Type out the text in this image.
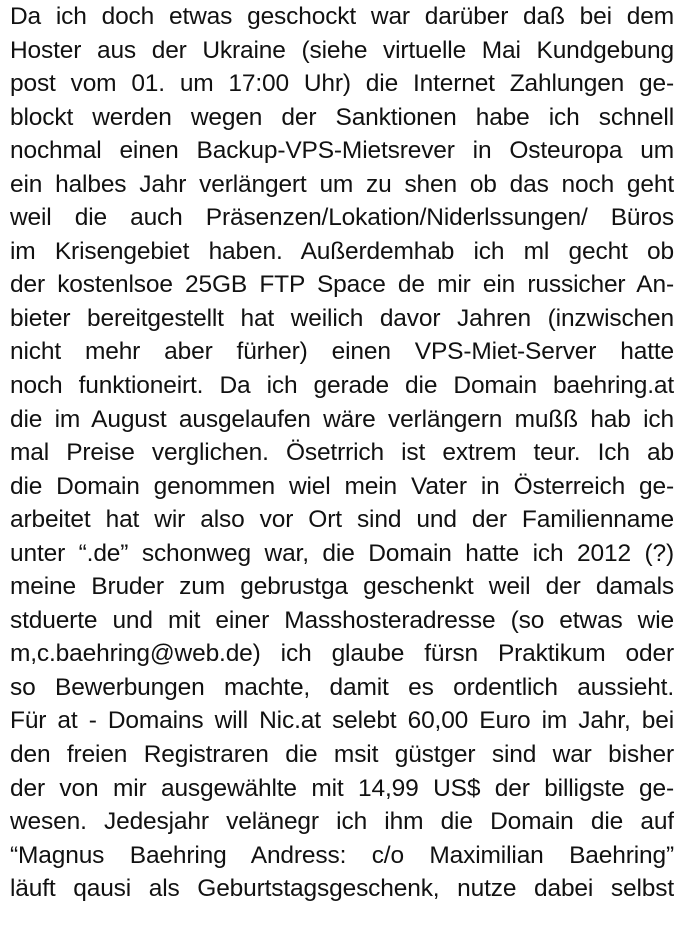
Da ich doch etwas geschockt war darüber daß bei dem
Hoster aus der Ukraine (siehe virtuelle Mai Kundgebung
post vom 01. um 17:00 Uhr) die Internet Zahlungen ge-
blockt werden wegen der Sanktionen habe ich schnell
nochmal einen Backup-VPS-Mietsrever in Osteuropa um
ein halbes Jahr verlängert um zu shen ob das noch geht
weil die auch Präsenzen/Lokation/Niderlssungen/ Büros
im Krisengebiet haben. Außerdemhab ich ml gecht ob
der kostenlsoe 25GB FTP Space de mir ein russicher An-
bieter bereitgestellt hat weilich davor Jahren (inzwischen
nicht mehr aber fürher) einen VPS-Miet-Server hatte
noch funktioneirt. Da ich gerade die Domain baehring.at
die im August ausgelaufen wäre verlängern mußß hab ich
mal Preise verglichen. Ösetrrich ist extrem teur. Ich ab
die Domain genommen wiel mein Vater in Österreich ge-
arbeitet hat wir also vor Ort sind und der Familienname
unter “.de” schonweg war, die Domain hatte ich 2012 (?)
meine Bruder zum gebrustga geschenkt weil der damals
stduerte und mit einer Masshosteradresse (so etwas wie
m,c.baehring@web.de) ich glaube fürsn Praktikum oder
so Bewerbungen machte, damit es ordentlich aussieht.
Für at - Domains will Nic.at selebt 60,00 Euro im Jahr, bei
den freien Registraren die msit güstger sind war bisher
der von mir ausgewählte mit 14,99 US$ der billigste ge-
wesen. Jedesjahr velänegr ich ihm die Domain die auf
“Magnus Baehring Andress: c/o Maximilian Baehring”
läuft qausi als Geburtstagsgeschenk, nutze dabei selbst
